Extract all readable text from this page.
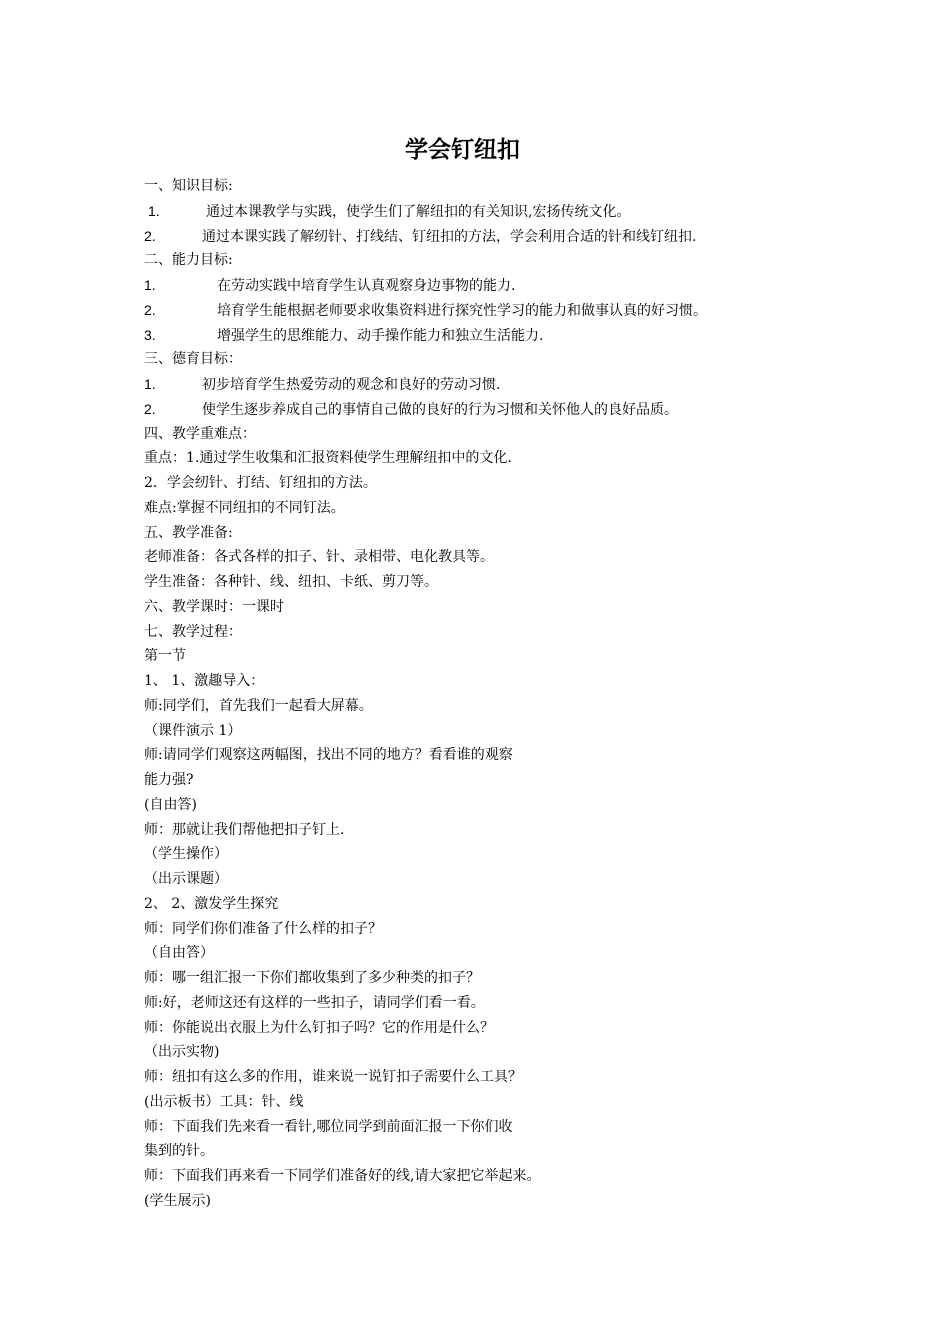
学会钉纽扣
一、知识目标:
1.	通过本课教学与实践，使学生们了解纽扣的有关知识,宏扬传统文化。
2.	通过本课实践了解纫针、打线结、钉纽扣的方法，学会利用合适的针和线钉纽扣.
二、能力目标:
1.	在劳动实践中培育学生认真观察身边事物的能力.
2.	培育学生能根据老师要求收集资料进行探究性学习的能力和做事认真的好习惯。
3.	增强学生的思维能力、动手操作能力和独立生活能力.
三、德育目标：
1.	初步培育学生热爱劳动的观念和良好的劳动习惯.
2.	使学生逐步养成自己的事情自己做的良好的行为习惯和关怀他人的良好品质。
四、教学重难点：
重点：1.通过学生收集和汇报资料使学生理解纽扣中的文化.
2．学会纫针、打结、钉纽扣的方法。
难点:掌握不同纽扣的不同钉法。
五、教学准备:
老师准备：各式各样的扣子、针、录相带、电化教具等。
学生准备：各种针、线、纽扣、卡纸、剪刀等。
六、教学课时：一课时
七、教学过程：
第一节
1、 1、激趣导入：
师:同学们，首先我们一起看大屏幕。
（课件演示 1）
师:请同学们观察这两幅图，找出不同的地方？看看谁的观察
能力强?
(自由答)
师：那就让我们帮他把扣子钉上.
（学生操作）
（出示课题）
2、 2、激发学生探究
师：同学们你们准备了什么样的扣子？
（自由答）
师：哪一组汇报一下你们都收集到了多少种类的扣子？
师:好，老师这还有这样的一些扣子，请同学们看一看。
师：你能说出衣服上为什么钉扣子吗？它的作用是什么？
（出示实物)
师：纽扣有这么多的作用，谁来说一说钉扣子需要什么工具？
(出示板书）工具：针、线
师：下面我们先来看一看针,哪位同学到前面汇报一下你们收
集到的针。
师：下面我们再来看一下同学们准备好的线,请大家把它举起来。
(学生展示)
